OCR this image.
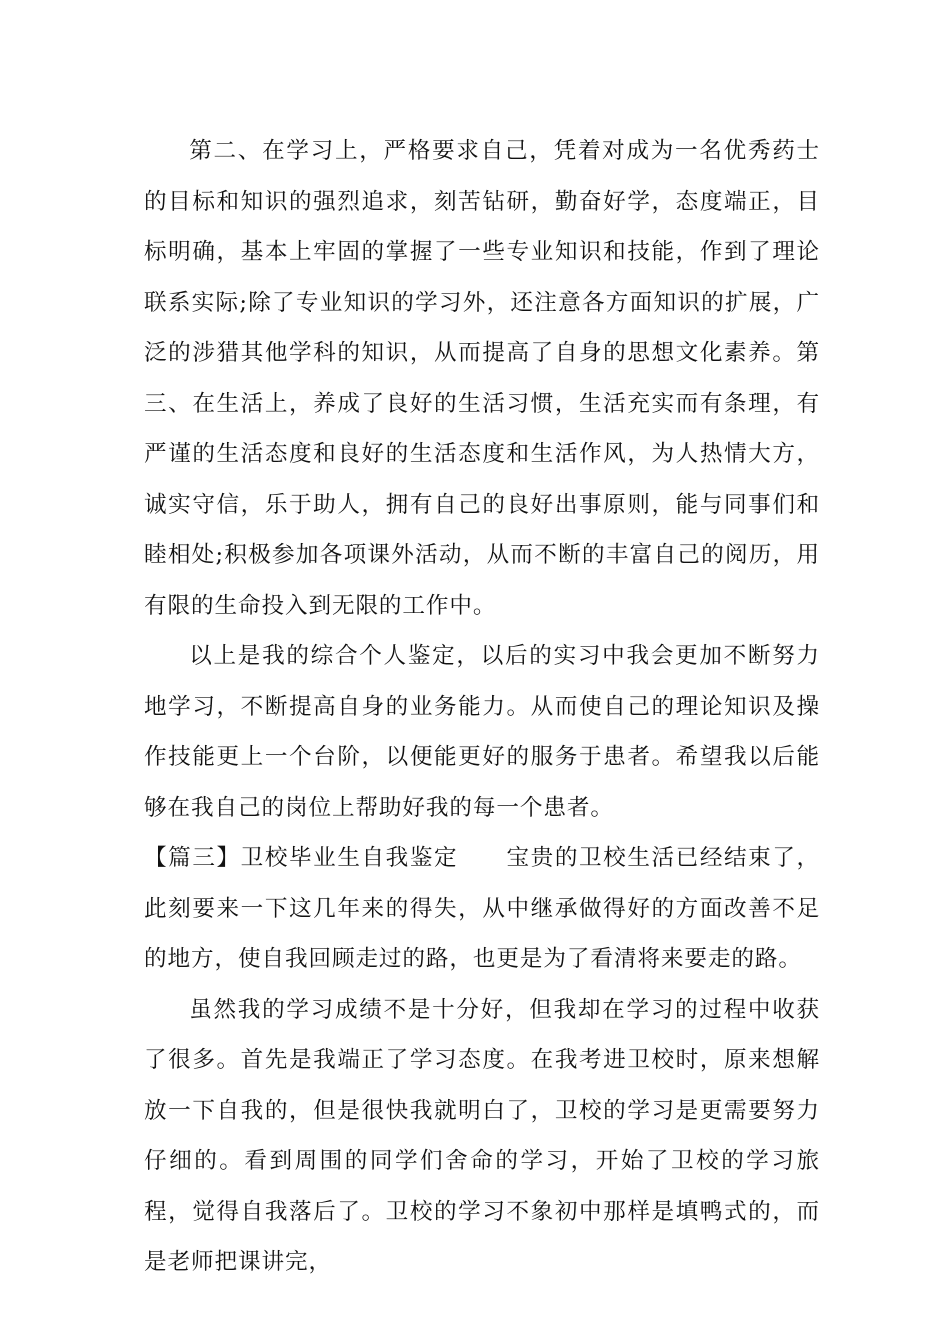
第二、在学习上，严格要求自己，凭着对成为一名优秀药士的目标和知识的强烈追求，刻苦钻研，勤奋好学，态度端正，目标明确，基本上牢固的掌握了一些专业知识和技能，作到了理论联系实际;除了专业知识的学习外，还注意各方面知识的扩展，广泛的涉猎其他学科的知识，从而提高了自身的思想文化素养。第三、在生活上，养成了良好的生活习惯，生活充实而有条理，有严谨的生活态度和良好的生活态度和生活作风，为人热情大方，诚实守信，乐于助人，拥有自己的良好出事原则，能与同事们和睦相处;积极参加各项课外活动，从而不断的丰富自己的阅历，用有限的生命投入到无限的工作中。

以上是我的综合个人鉴定，以后的实习中我会更加不断努力地学习，不断提高自身的业务能力。从而使自己的理论知识及操作技能更上一个台阶，以便能更好的服务于患者。希望我以后能够在我自己的岗位上帮助好我的每一个患者。

【篇三】卫校毕业生自我鉴定　　宝贵的卫校生活已经结束了，此刻要来一下这几年来的得失，从中继承做得好的方面改善不足的地方，使自我回顾走过的路，也更是为了看清将来要走的路。

虽然我的学习成绩不是十分好，但我却在学习的过程中收获了很多。首先是我端正了学习态度。在我考进卫校时，原来想解放一下自我的，但是很快我就明白了，卫校的学习是更需要努力仔细的。看到周围的同学们舍命的学习，开始了卫校的学习旅程，觉得自我落后了。卫校的学习不象初中那样是填鸭式的，而是老师把课讲完，
